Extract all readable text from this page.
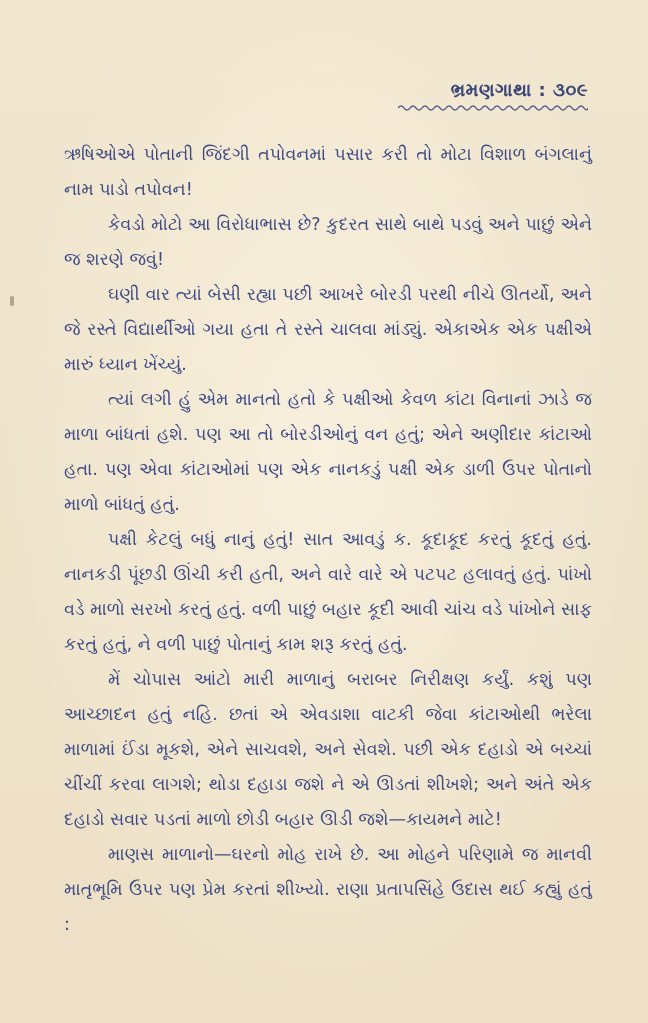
ભ્રમણગાથા : ૩૦૯

ઋષિઓએ પોતાની જિંદગી તપોવનમાં પસાર કરી તો મોટા વિશાળ બંગલાનું નામ પાડો તપોવન!

કેવડો મોટો આ વિરોધાભાસ છે? કુદરત સાથે બાથે પડવું અને પાછું એને જ શરણે જવું!

ઘણી વાર ત્યાં બેસી રહ્યા પછી આખરે બોરડી પરથી નીચે ઊતર્યો, અને જે રસ્તે વિદ્યાર્થીઓ ગયા હતા તે રસ્તે ચાલવા માંડ્યું. એકાએક એક પક્ષીએ મારું ધ્યાન ખેંચ્યું.

ત્યાં લગી હું એમ માનતો હતો કે પક્ષીઓ કેવળ કાંટા વિનાનાં ઝાડે જ માળા બાંધતાં હશે. પણ આ તો બોરડીઓનું વન હતું; એને અણીદાર કાંટાઓ હતા. પણ એવા કાંટાઓમાં પણ એક નાનકડું પક્ષી એક ડાળી ઉપર પોતાનો માળો બાંધતું હતું.

પક્ષી કેટલું બધું નાનું હતું! સાત આવડું ક. કૂદાકૂદ કરતું કૂદતું હતું. નાનકડી પૂંછડી ઊંચી કરી હતી, અને વારે વારે એ પટપટ હલાવતું હતું. પાંખો વડે માળો સરખો કરતું હતું. વળી પાછું બહાર કૂદી આવી ચાંચ વડે પાંખોને સાફ કરતું હતું, ને વળી પાછું પોતાનું કામ શરૂ કરતું હતું.

મેં ચોપાસ આંટો મારી માળાનું બરાબર નિરીક્ષણ કર્યું. કશું પણ આચ્છાદન હતું નહિ. છતાં એ એવડાશા વાટકી જેવા કાંટાઓથી ભરેલા માળામાં ઈંડા મૂકશે, એને સાચવશે, અને સેવશે. પછી એક દહાડો એ બચ્ચાં ચીંચીં કરવા લાગશે; થોડા દહાડા જશે ને એ ઊડતાં શીખશે; અને અંતે એક દહાડો સવાર પડતાં માળો છોડી બહાર ઊડી જશે—કાયમને માટે!

માણસ માળાનો—ઘરનો મોહ રાખે છે. આ મોહને પરિણામે જ માનવી માતૃભૂમિ ઉપર પણ પ્રેમ કરતાં શીખ્યો. રાણા પ્રતાપસિંહે ઉદાસ થઈ કહ્યું હતું :
